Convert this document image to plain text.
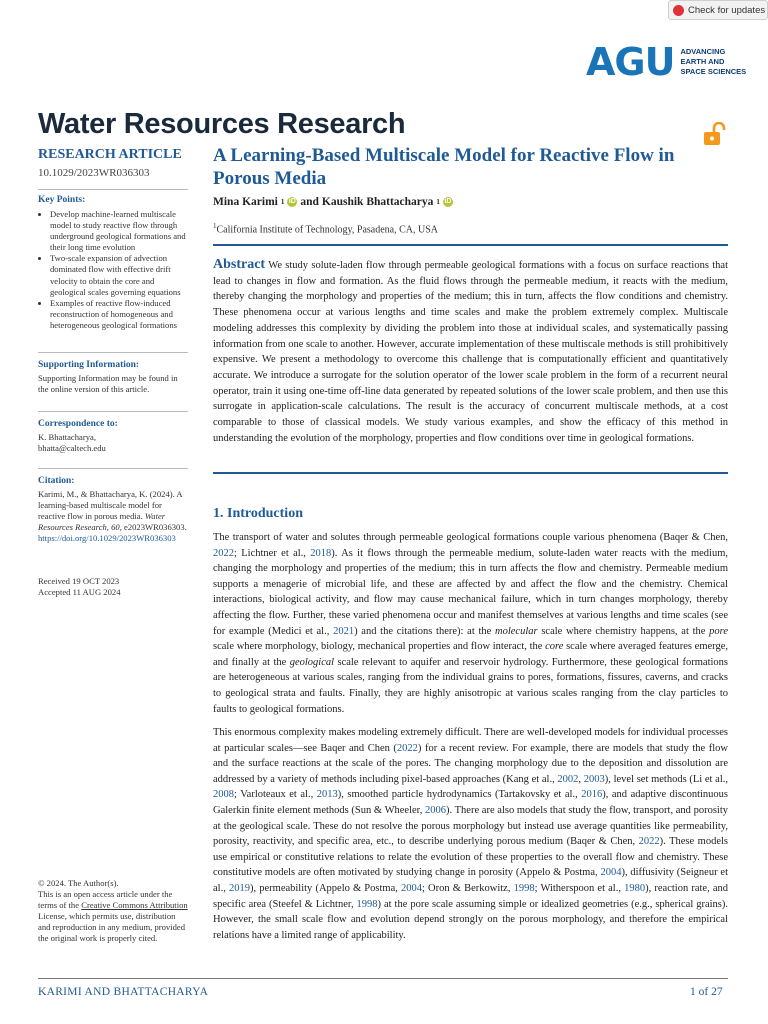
Check for updates
AGU ADVANCING
EARTH AND
SPACE SCIENCES
Water Resources Research
RESEARCH ARTICLE
10.1029/2023WR036303
Key Points:
• Develop machine-learned multiscale model to study reactive flow through underground geological formations and their long time evolution
• Two-scale expansion of advection dominated flow with effective drift velocity to obtain the core and geological scales governing equations
• Examples of reactive flow-induced reconstruction of homogeneous and heterogeneous geological formations
Supporting Information:
Supporting Information may be found in the online version of this article.
Correspondence to:
K. Bhattacharya,
bhatta@caltech.edu
Citation:
Karimi, M., & Bhattacharya, K. (2024). A learning-based multiscale model for reactive flow in porous media. Water Resources Research, 60, e2023WR036303. https://doi.org/10.1029/2023WR036303
Received 19 OCT 2023
Accepted 11 AUG 2024
© 2024. The Author(s).
This is an open access article under the terms of the Creative Commons Attribution License, which permits use, distribution and reproduction in any medium, provided the original work is properly cited.
A Learning-Based Multiscale Model for Reactive Flow in Porous Media
Mina Karimi 1 iD and Kaushik Bhattacharya 1 iD
$^1$California Institute of Technology, Pasadena, CA, USA
Abstract We study solute-laden flow through permeable geological formations with a focus on surface reactions that lead to changes in flow and formation. As the fluid flows through the permeable medium, it reacts with the medium, thereby changing the morphology and properties of the medium; this in turn, affects the flow conditions and chemistry. These phenomena occur at various lengths and time scales and make the problem extremely complex. Multiscale modeling addresses this complexity by dividing the problem into those at individual scales, and systematically passing information from one scale to another. However, accurate implementation of these multiscale methods is still prohibitively expensive. We present a methodology to overcome this challenge that is computationally efficient and quantitatively accurate. We introduce a surrogate for the solution operator of the lower scale problem in the form of a recurrent neural operator, train it using one-time off-line data generated by repeated solutions of the lower scale problem, and then use this surrogate in application-scale calculations. The result is the accuracy of concurrent multiscale methods, at a cost comparable to those of classical models. We study various examples, and show the efficacy of this method in understanding the evolution of the morphology, properties and flow conditions over time in geological formations.
1. Introduction
The transport of water and solutes through permeable geological formations couple various phenomena (Baqer & Chen, 2022; Lichtner et al., 2018). As it flows through the permeable medium, solute-laden water reacts with the medium, changing the morphology and properties of the medium; this in turn affects the flow and chemistry. Permeable medium supports a menagerie of microbial life, and these are affected by and affect the flow and the chemistry. Chemical interactions, biological activity, and flow may cause mechanical failure, which in turn changes morphology, thereby affecting the flow. Further, these varied phenomena occur and manifest themselves at various lengths and time scales (see for example (Medici et al., 2021) and the citations there): at the molecular scale where chemistry happens, at the pore scale where morphology, biology, mechanical properties and flow interact, the core scale where averaged features emerge, and finally at the geological scale relevant to aquifer and reservoir hydrology. Furthermore, these geological formations are heterogeneous at various scales, ranging from the individual grains to pores, formations, fissures, caverns, and cracks to geological strata and faults. Finally, they are highly anisotropic at various scales ranging from the clay particles to faults to geological formations.
This enormous complexity makes modeling extremely difficult. There are well-developed models for individual processes at particular scales—see Baqer and Chen (2022) for a recent review. For example, there are models that study the flow and the surface reactions at the scale of the pores. The changing morphology due to the deposition and dissolution are addressed by a variety of methods including pixel-based approaches (Kang et al., 2002, 2003), level set methods (Li et al., 2008; Varloteaux et al., 2013), smoothed particle hydrodynamics (Tartakovsky et al., 2016), and adaptive discontinuous Galerkin finite element methods (Sun & Wheeler, 2006). There are also models that study the flow, transport, and porosity at the geological scale. These do not resolve the porous morphology but instead use average quantities like permeability, porosity, reactivity, and specific area, etc., to describe underlying porous medium (Baqer & Chen, 2022). These models use empirical or constitutive relations to relate the evolution of these properties to the overall flow and chemistry. These constitutive models are often motivated by studying change in porosity (Appelo & Postma, 2004), diffusivity (Seigneur et al., 2019), permeability (Appelo & Postma, 2004; Oron & Berkowitz, 1998; Witherspoon et al., 1980), reaction rate, and specific area (Steefel & Lichtner, 1998) at the pore scale assuming simple or idealized geometries (e.g., spherical grains). However, the small scale flow and evolution depend strongly on the porous morphology, and therefore the empirical relations have a limited range of applicability.
KARIMI AND BHATTACHARYA	1 of 27
